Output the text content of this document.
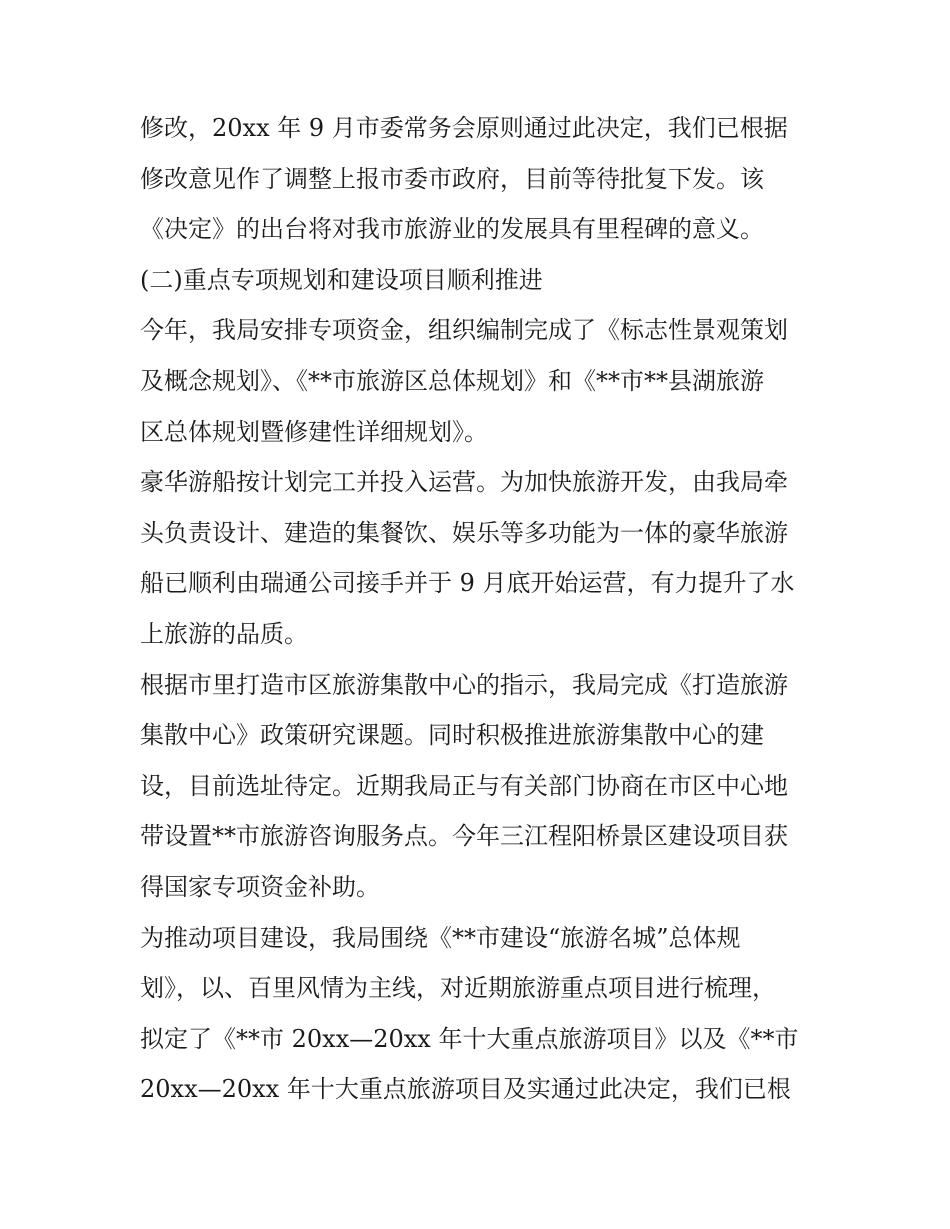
修改，20xx 年 9 月市委常务会原则通过此决定，我们已根据
修改意见作了调整上报市委市政府，目前等待批复下发。该
《决定》的出台将对我市旅游业的发展具有里程碑的意义。
(二)重点专项规划和建设项目顺利推进
今年，我局安排专项资金，组织编制完成了《标志性景观策划
及概念规划》、《**市旅游区总体规划》和《**市**县湖旅游
区总体规划暨修建性详细规划》。
豪华游船按计划完工并投入运营。为加快旅游开发，由我局牵
头负责设计、建造的集餐饮、娱乐等多功能为一体的豪华旅游
船已顺利由瑞通公司接手并于 9 月底开始运营，有力提升了水
上旅游的品质。
根据市里打造市区旅游集散中心的指示，我局完成《打造旅游
集散中心》政策研究课题。同时积极推进旅游集散中心的建
设，目前选址待定。近期我局正与有关部门协商在市区中心地
带设置**市旅游咨询服务点。今年三江程阳桥景区建设项目获
得国家专项资金补助。
为推动项目建设，我局围绕《**市建设“旅游名城”总体规
划》，以、百里风情为主线，对近期旅游重点项目进行梳理，
拟定了《**市 20xx—20xx 年十大重点旅游项目》以及《**市
20xx—20xx 年十大重点旅游项目及实通过此决定，我们已根
